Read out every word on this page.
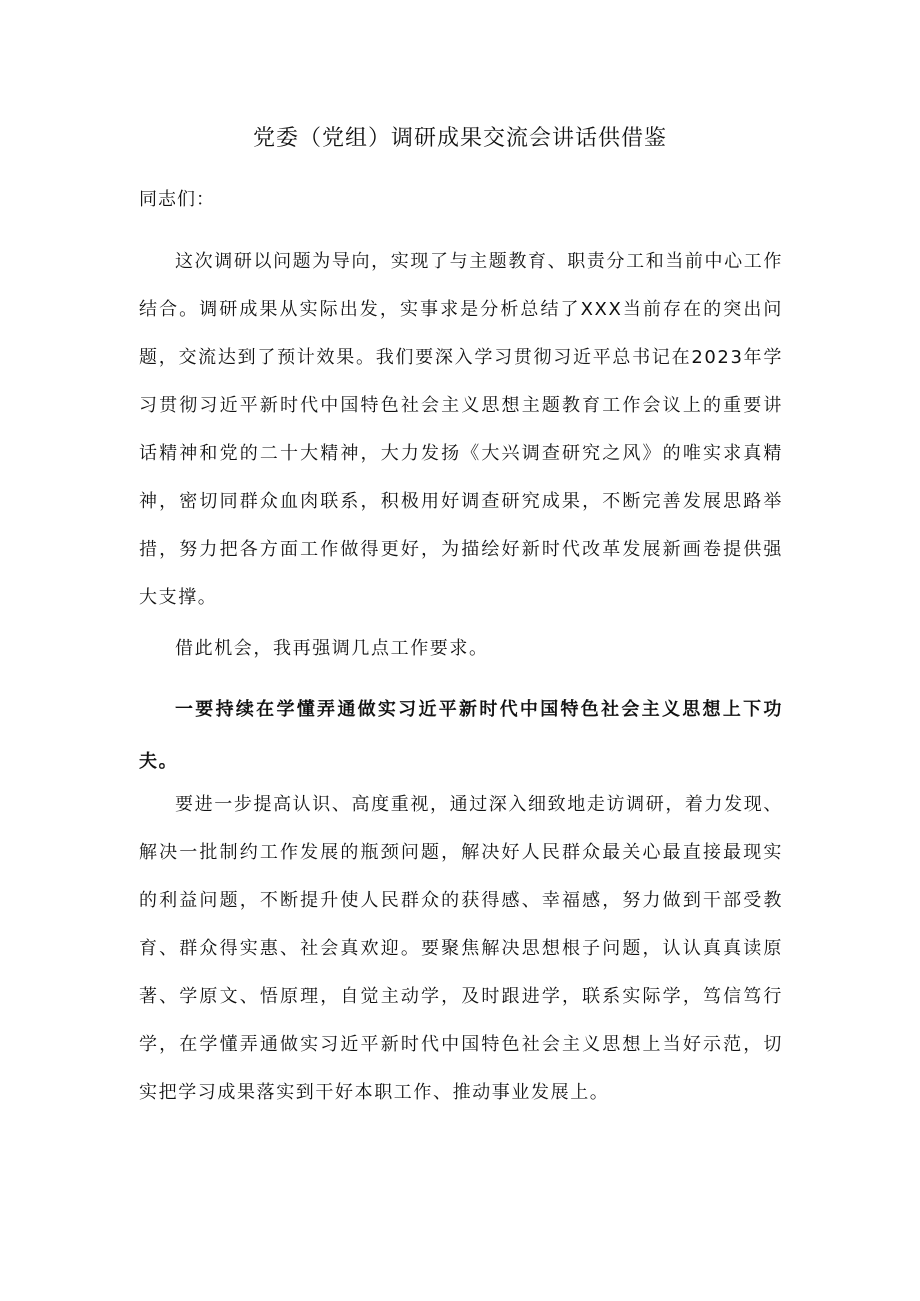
党委（党组）调研成果交流会讲话供借鉴

同志们：

这次调研以问题为导向，实现了与主题教育、职责分工和当前中心工作结合。调研成果从实际出发，实事求是分析总结了XXX当前存在的突出问题，交流达到了预计效果。我们要深入学习贯彻习近平总书记在2023年学习贯彻习近平新时代中国特色社会主义思想主题教育工作会议上的重要讲话精神和党的二十大精神，大力发扬《大兴调查研究之风》的唯实求真精神，密切同群众血肉联系，积极用好调查研究成果，不断完善发展思路举措，努力把各方面工作做得更好，为描绘好新时代改革发展新画卷提供强大支撑。

借此机会，我再强调几点工作要求。

一要持续在学懂弄通做实习近平新时代中国特色社会主义思想上下功夫。

要进一步提高认识、高度重视，通过深入细致地走访调研，着力发现、解决一批制约工作发展的瓶颈问题，解决好人民群众最关心最直接最现实的利益问题，不断提升使人民群众的获得感、幸福感，努力做到干部受教育、群众得实惠、社会真欢迎。要聚焦解决思想根子问题，认认真真读原著、学原文、悟原理，自觉主动学，及时跟进学，联系实际学，笃信笃行学，在学懂弄通做实习近平新时代中国特色社会主义思想上当好示范，切实把学习成果落实到干好本职工作、推动事业发展上。
